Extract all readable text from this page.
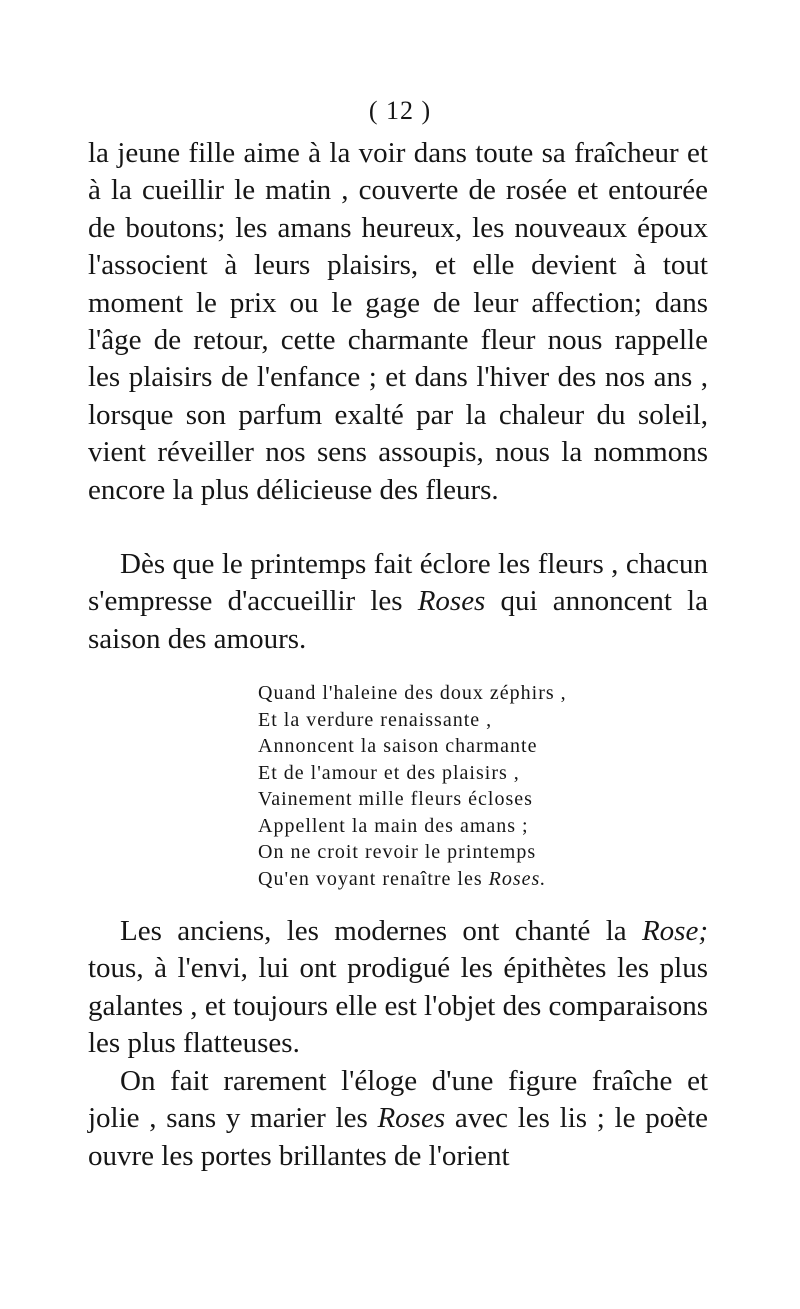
( 12 )

la jeune fille aime à la voir dans toute sa fraîcheur et à la cueillir le matin , couverte de rosée et entourée de boutons; les amans heureux, les nouveaux époux l'associent à leurs plaisirs, et elle devient à tout moment le prix ou le gage de leur affection; dans l'âge de retour, cette charmante fleur nous rappelle les plaisirs de l'enfance ; et dans l'hiver des nos ans , lorsque son parfum exalté par la chaleur du soleil, vient réveiller nos sens assoupis, nous la nommons encore la plus délicieuse des fleurs.

Dès que le printemps fait éclore les fleurs , chacun s'empresse d'accueillir les Roses qui annoncent la saison des amours.

Quand l'haleine des doux zéphirs ,
Et la verdure renaissante ,
Annoncent la saison charmante
Et de l'amour et des plaisirs ,
Vainement mille fleurs écloses
Appellent la main des amans ;
On ne croit revoir le printemps
Qu'en voyant renaître les Roses.

Les anciens, les modernes ont chanté la Rose; tous, à l'envi, lui ont prodigué les épithètes les plus galantes , et toujours elle est l'objet des comparaisons les plus flatteuses.

On fait rarement l'éloge d'une figure fraîche et jolie , sans y marier les Roses avec les lis ; le poète ouvre les portes brillantes de l'orient
